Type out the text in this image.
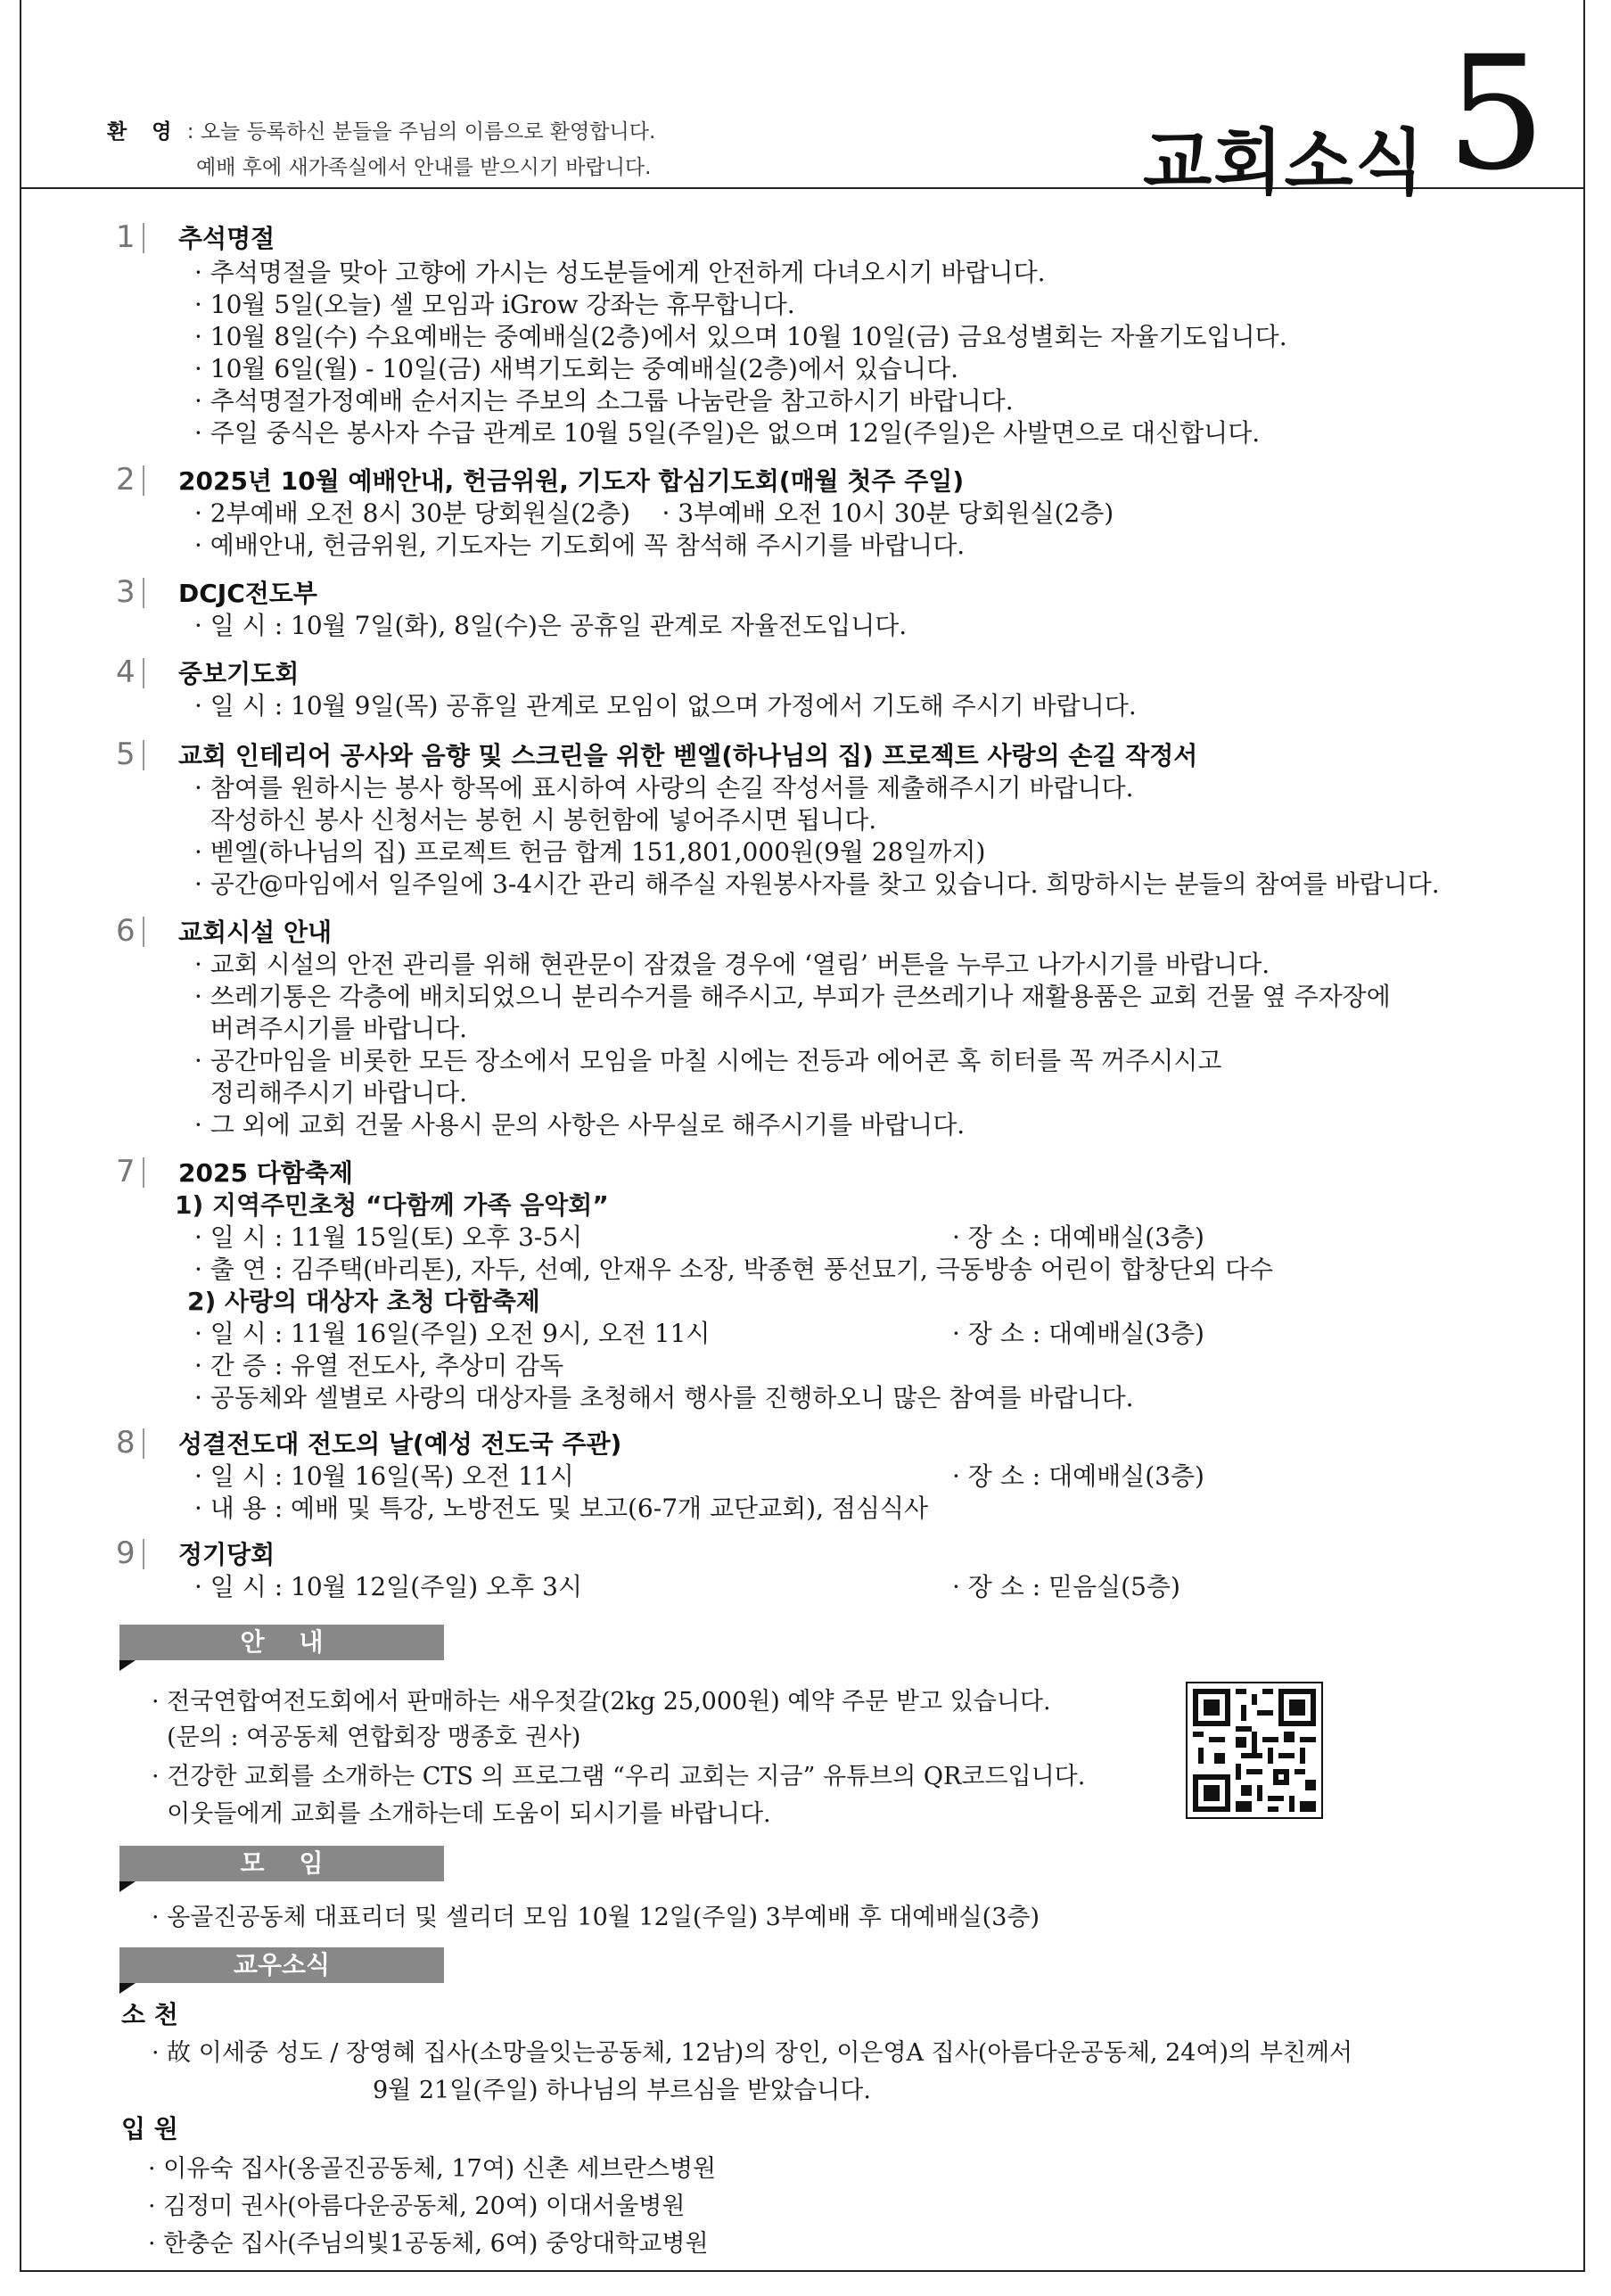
환 영 : 오늘 등록하신 분들을 주님의 이름으로 환영합니다.
예배 후에 새가족실에서 안내를 받으시기 바랍니다.	교회소식 5
1	추석명절
· 추석명절을 맞아 고향에 가시는 성도분들에게 안전하게 다녀오시기 바랍니다.
· 10월 5일(오늘) 셀 모임과 iGrow 강좌는 휴무합니다.
· 10월 8일(수) 수요예배는 중예배실(2층)에서 있으며 10월 10일(금) 금요성별회는 자율기도입니다.
· 10월 6일(월) - 10일(금) 새벽기도회는 중예배실(2층)에서 있습니다.
· 추석명절가정예배 순서지는 주보의 소그룹 나눔란을 참고하시기 바랍니다.
· 주일 중식은 봉사자 수급 관계로 10월 5일(주일)은 없으며 12일(주일)은 사발면으로 대신합니다.
2	2025년 10월 예배안내, 헌금위원, 기도자 합심기도회(매월 첫주 주일)
· 2부예배 오전 8시 30분 당회원실(2층)    · 3부예배 오전 10시 30분 당회원실(2층)
· 예배안내, 헌금위원, 기도자는 기도회에 꼭 참석해 주시기를 바랍니다.
3	DCJC전도부
· 일 시 : 10월 7일(화), 8일(수)은 공휴일 관계로 자율전도입니다.
4	중보기도회
· 일 시 : 10월 9일(목) 공휴일 관계로 모임이 없으며 가정에서 기도해 주시기 바랍니다.
5	교회 인테리어 공사와 음향 및 스크린을 위한 벧엘(하나님의 집) 프로젝트 사랑의 손길 작정서
· 참여를 원하시는 봉사 항목에 표시하여 사랑의 손길 작성서를 제출해주시기 바랍니다.
작성하신 봉사 신청서는 봉헌 시 봉헌함에 넣어주시면 됩니다.
· 벧엘(하나님의 집) 프로젝트 헌금 합계 151,801,000원(9월 28일까지)
· 공간@마임에서 일주일에 3-4시간 관리 해주실 자원봉사자를 찾고 있습니다. 희망하시는 분들의 참여를 바랍니다.
6	교회시설 안내
· 교회 시설의 안전 관리를 위해 현관문이 잠겼을 경우에 ‘열림’ 버튼을 누루고 나가시기를 바랍니다.
· 쓰레기통은 각층에 배치되었으니 분리수거를 해주시고, 부피가 큰쓰레기나 재활용품은 교회 건물 옆 주자장에
버려주시기를 바랍니다.
· 공간마임을 비롯한 모든 장소에서 모임을 마칠 시에는 전등과 에어콘 혹 히터를 꼭 꺼주시시고
정리해주시기 바랍니다.
· 그 외에 교회 건물 사용시 문의 사항은 사무실로 해주시기를 바랍니다.
7	2025 다함축제
1) 지역주민초청 “다함께 가족 음악회”
· 일 시 : 11월 15일(토) 오후 3-5시	· 장 소 : 대예배실(3층)
· 출 연 : 김주택(바리톤), 자두, 선예, 안재우 소장, 박종현 풍선묘기, 극동방송 어린이 합창단외 다수
2) 사랑의 대상자 초청 다함축제
· 일 시 : 11월 16일(주일) 오전 9시, 오전 11시	· 장 소 : 대예배실(3층)
· 간 증 : 유열 전도사, 추상미 감독
· 공동체와 셀별로 사랑의 대상자를 초청해서 행사를 진행하오니 많은 참여를 바랍니다.
8	성결전도대 전도의 날(예성 전도국 주관)
· 일 시 : 10월 16일(목) 오전 11시	· 장 소 : 대예배실(3층)
· 내 용 : 예배 및 특강, 노방전도 및 보고(6-7개 교단교회), 점심식사
9	정기당회
· 일 시 : 10월 12일(주일) 오후 3시	· 장 소 : 믿음실(5층)
안    내
· 전국연합여전도회에서 판매하는 새우젓갈(2kg 25,000원) 예약 주문 받고 있습니다.
(문의 : 여공동체 연합회장 맹종호 권사)
· 건강한 교회를 소개하는 CTS 의 프로그램 “우리 교회는 지금” 유튜브의 QR코드입니다.
이웃들에게 교회를 소개하는데 도움이 되시기를 바랍니다.
모    임
· 옹골진공동체 대표리더 및 셀리더 모임 10월 12일(주일) 3부예배 후 대예배실(3층)
교우소식
소 천
· 故 이세중 성도 / 장영혜 집사(소망을잇는공동체, 12남)의 장인, 이은영A 집사(아름다운공동체, 24여)의 부친께서
9월 21일(주일) 하나님의 부르심을 받았습니다.
입 원
· 이유숙 집사(옹골진공동체, 17여) 신촌 세브란스병원
· 김정미 권사(아름다운공동체, 20여) 이대서울병원
· 한충순 집사(주님의빛1공동체, 6여) 중앙대학교병원
